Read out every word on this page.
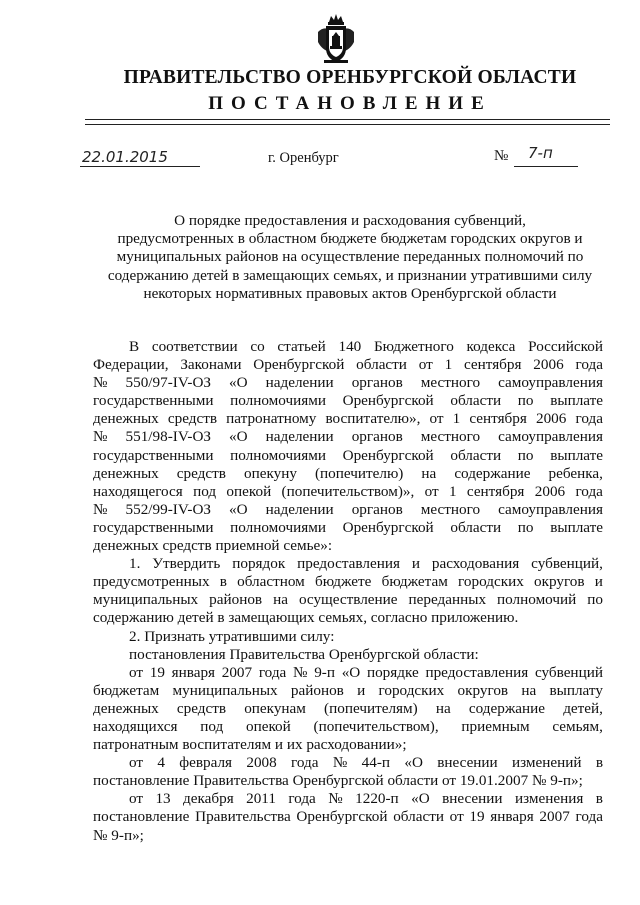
ПРАВИТЕЛЬСТВО ОРЕНБУРГСКОЙ ОБЛАСТИ
ПОСТАНОВЛЕНИЕ
22.01.2015	г. Оренбург	№ 7-п
О порядке предоставления и расходования субвенций,
предусмотренных в областном бюджете бюджетам городских округов и
муниципальных районов на осуществление переданных полномочий по
содержанию детей в замещающих семьях, и признании утратившими силу
некоторых нормативных правовых актов Оренбургской области
В соответствии со статьей 140 Бюджетного кодекса Российской
Федерации, Законами Оренбургской области от 1 сентября 2006 года
№ 550/97-IV-ОЗ «О наделении органов местного самоуправления
государственными полномочиями Оренбургской области по выплате
денежных средств патронатному воспитателю», от 1 сентября 2006 года
№ 551/98-IV-ОЗ «О наделении органов местного самоуправления
государственными полномочиями Оренбургской области по выплате
денежных средств опекуну (попечителю) на содержание ребенка,
находящегося под опекой (попечительством)», от 1 сентября 2006 года
№ 552/99-IV-ОЗ «О наделении органов местного самоуправления
государственными полномочиями Оренбургской области по выплате
денежных средств приемной семье»:
1. Утвердить порядок предоставления и расходования субвенций,
предусмотренных в областном бюджете бюджетам городских округов и
муниципальных районов на осуществление переданных полномочий по
содержанию детей в замещающих семьях, согласно приложению.
2. Признать утратившими силу:
постановления Правительства Оренбургской области:
от 19 января 2007 года № 9-п «О порядке предоставления субвенций
бюджетам муниципальных районов и городских округов на выплату
денежных средств опекунам (попечителям) на содержание детей,
находящихся под опекой (попечительством), приемным семьям,
патронатным воспитателям и их расходовании»;
от 4 февраля 2008 года № 44-п «О внесении изменений в
постановление Правительства Оренбургской области от 19.01.2007 № 9-п»;
от 13 декабря 2011 года № 1220-п «О внесении изменения в
постановление Правительства Оренбургской области от 19 января 2007 года
№ 9-п»;
